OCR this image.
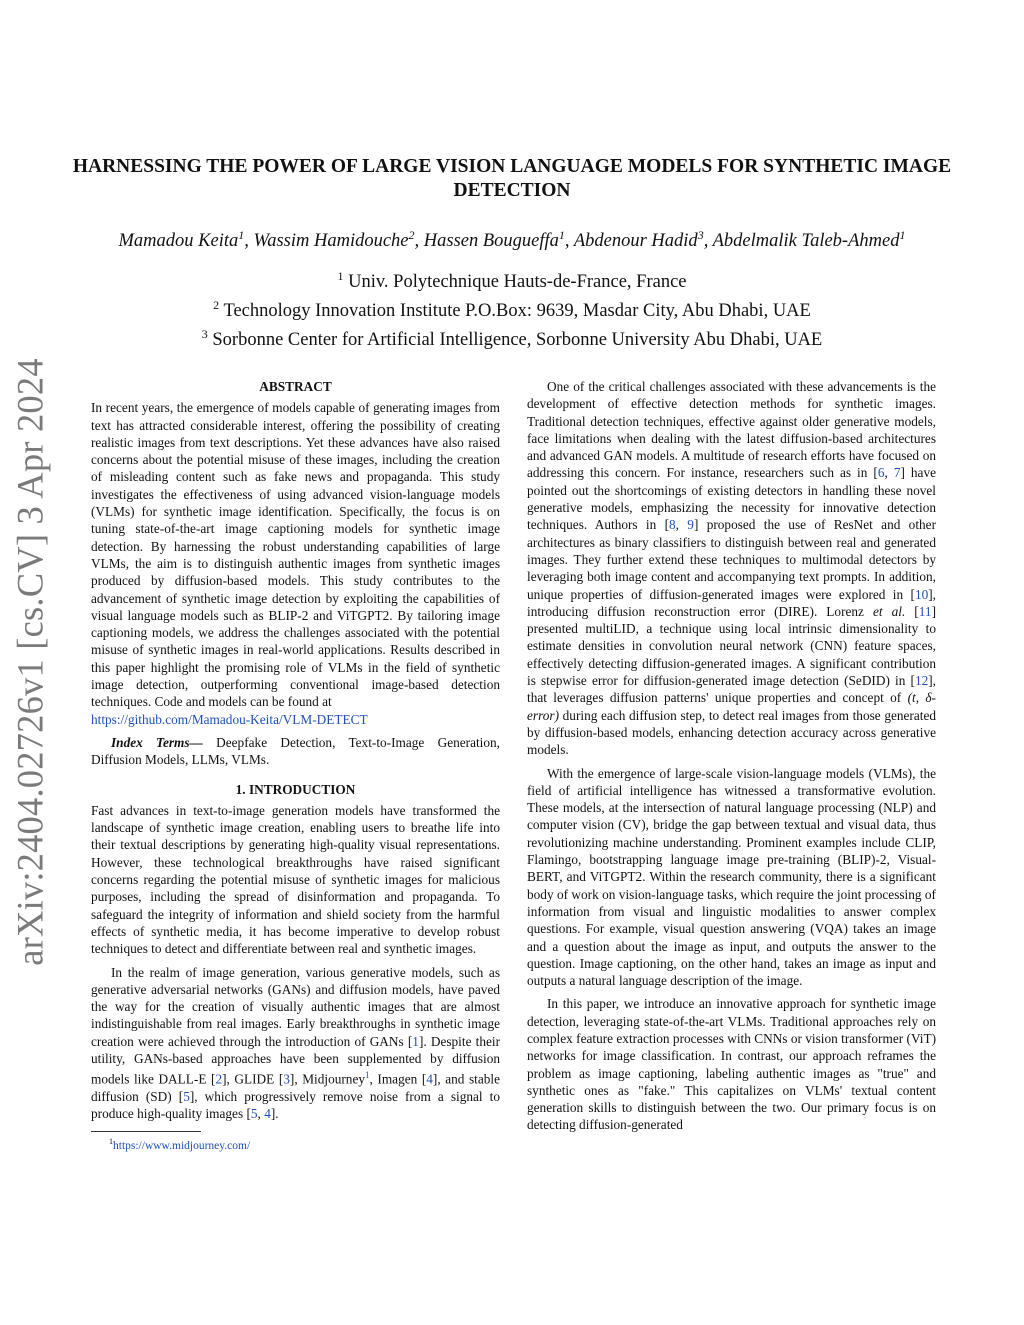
arXiv:2404.02726v1 [cs.CV] 3 Apr 2024
HARNESSING THE POWER OF LARGE VISION LANGUAGE MODELS FOR SYNTHETIC IMAGE DETECTION
Mamadou Keita$^1$, Wassim Hamidouche$^2$, Hassen Bougueffa$^1$, Abdenour Hadid$^3$, Abdelmalik Taleb-Ahmed$^1$
$^1$ Univ. Polytechnique Hauts-de-France, France
$^2$ Technology Innovation Institute P.O.Box: 9639, Masdar City, Abu Dhabi, UAE
$^3$ Sorbonne Center for Artificial Intelligence, Sorbonne University Abu Dhabi, UAE
ABSTRACT

In recent years, the emergence of models capable of generating images from text has attracted considerable interest, offering the possibility of creating realistic images from text descriptions. Yet these advances have also raised concerns about the potential misuse of these images, including the creation of misleading content such as fake news and propaganda. This study investigates the effectiveness of using advanced vision-language models (VLMs) for synthetic image identification. Specifically, the focus is on tuning state-of-the-art image captioning models for synthetic image detection. By harnessing the robust understanding capabilities of large VLMs, the aim is to distinguish authentic images from synthetic images produced by diffusion-based models. This study contributes to the advancement of synthetic image detection by exploiting the capabilities of visual language models such as BLIP-2 and ViTGPT2. By tailoring image captioning models, we address the challenges associated with the potential misuse of synthetic images in real-world applications. Results described in this paper highlight the promising role of VLMs in the field of synthetic image detection, outperforming conventional image-based detection techniques. Code and models can be found at
https://github.com/Mamadou-Keita/VLM-DETECT

Index Terms— Deepfake Detection, Text-to-Image Generation, Diffusion Models, LLMs, VLMs.

1. INTRODUCTION

Fast advances in text-to-image generation models have transformed the landscape of synthetic image creation, enabling users to breathe life into their textual descriptions by generating high-quality visual representations. However, these technological breakthroughs have raised significant concerns regarding the potential misuse of synthetic images for malicious purposes, including the spread of disinformation and propaganda. To safeguard the integrity of information and shield society from the harmful effects of synthetic media, it has become imperative to develop robust techniques to detect and differentiate between real and synthetic images.

In the realm of image generation, various generative models, such as generative adversarial networks (GANs) and diffusion models, have paved the way for the creation of visually authentic images that are almost indistinguishable from real images. Early breakthroughs in synthetic image creation were achieved through the introduction of GANs [1]. Despite their utility, GANs-based approaches have been supplemented by diffusion models like DALL-E [2], GLIDE [3], Midjourney$^1$, Imagen [4], and stable diffusion (SD) [5], which progressively remove noise from a signal to produce high-quality images [5, 4].

$^1$https://www.midjourney.com/

One of the critical challenges associated with these advancements is the development of effective detection methods for synthetic images. Traditional detection techniques, effective against older generative models, face limitations when dealing with the latest diffusion-based architectures and advanced GAN models. A multitude of research efforts have focused on addressing this concern. For instance, researchers such as in [6, 7] have pointed out the shortcomings of existing detectors in handling these novel generative models, emphasizing the necessity for innovative detection techniques. Authors in [8, 9] proposed the use of ResNet and other architectures as binary classifiers to distinguish between real and generated images. They further extend these techniques to multimodal detectors by leveraging both image content and accompanying text prompts. In addition, unique properties of diffusion-generated images were explored in [10], introducing diffusion reconstruction error (DIRE). Lorenz et al. [11] presented multiLID, a technique using local intrinsic dimensionality to estimate densities in convolution neural network (CNN) feature spaces, effectively detecting diffusion-generated images. A significant contribution is stepwise error for diffusion-generated image detection (SeDID) in [12], that leverages diffusion patterns' unique properties and concept of (t, δ-error) during each diffusion step, to detect real images from those generated by diffusion-based models, enhancing detection accuracy across generative models.

With the emergence of large-scale vision-language models (VLMs), the field of artificial intelligence has witnessed a transformative evolution. These models, at the intersection of natural language processing (NLP) and computer vision (CV), bridge the gap between textual and visual data, thus revolutionizing machine understanding. Prominent examples include CLIP, Flamingo, bootstrapping language image pre-training (BLIP)-2, Visual-BERT, and ViTGPT2. Within the research community, there is a significant body of work on vision-language tasks, which require the joint processing of information from visual and linguistic modalities to answer complex questions. For example, visual question answering (VQA) takes an image and a question about the image as input, and outputs the answer to the question. Image captioning, on the other hand, takes an image as input and outputs a natural language description of the image.

In this paper, we introduce an innovative approach for synthetic image detection, leveraging state-of-the-art VLMs. Traditional approaches rely on complex feature extraction processes with CNNs or vision transformer (ViT) networks for image classification. In contrast, our approach reframes the problem as image captioning, labeling authentic images as "true" and synthetic ones as "fake." This capitalizes on VLMs' textual content generation skills to distinguish between the two. Our primary focus is on detecting diffusion-generated
